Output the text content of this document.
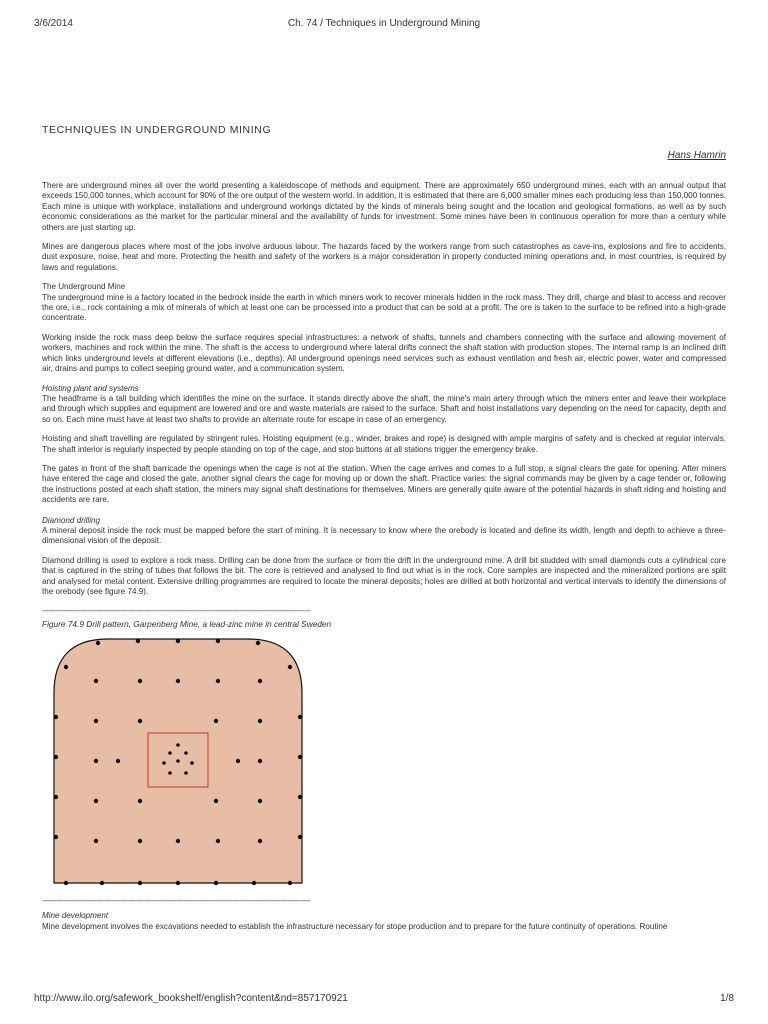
3/6/2014	Ch. 74 / Techniques in Underground Mining
TECHNIQUES IN UNDERGROUND MINING
Hans Hamrin

There are underground mines all over the world presenting a kaleidoscope of methods and equipment. There are approximately 650 underground mines, each with an annual output that exceeds 150,000 tonnes, which account for 90% of the ore output of the western world. In addition, it is estimated that there are 6,000 smaller mines each producing less than 150,000 tonnes. Each mine is unique with workplace, installations and underground workings dictated by the kinds of minerals being sought and the location and geological formations, as well as by such economic considerations as the market for the particular mineral and the availability of funds for investment. Some mines have been in continuous operation for more than a century while others are just starting up.

Mines are dangerous places where most of the jobs involve arduous labour. The hazards faced by the workers range from such catastrophes as cave-ins, explosions and fire to accidents, dust exposure, noise, heat and more. Protecting the health and safety of the workers is a major consideration in properly conducted mining operations and, in most countries, is required by laws and regulations.

The Underground Mine

The underground mine is a factory located in the bedrock inside the earth in which miners work to recover minerals hidden in the rock mass. They drill, charge and blast to access and recover the ore, i.e., rock containing a mix of minerals of which at least one can be processed into a product that can be sold at a profit. The ore is taken to the surface to be refined into a high-grade concentrate.

Working inside the rock mass deep below the surface requires special infrastructures: a network of shafts, tunnels and chambers connecting with the surface and allowing movement of workers, machines and rock within the mine. The shaft is the access to underground where lateral drifts connect the shaft station with production stopes. The internal ramp is an inclined drift which links underground levels at different elevations (i.e., depths). All underground openings need services such as exhaust ventilation and fresh air, electric power, water and compressed air, drains and pumps to collect seeping ground water, and a communication system.

Hoisting plant and systems

The headframe is a tall building which identifies the mine on the surface. It stands directly above the shaft, the mine's main artery through which the miners enter and leave their workplace and through which supplies and equipment are lowered and ore and waste materials are raised to the surface. Shaft and hoist installations vary depending on the need for capacity, depth and so on. Each mine must have at least two shafts to provide an alternate route for escape in case of an emergency.

Hoisting and shaft travelling are regulated by stringent rules. Hoisting equipment (e.g., winder, brakes and rope) is designed with ample margins of safety and is checked at regular intervals. The shaft interior is regularly inspected by people standing on top of the cage, and stop buttons at all stations trigger the emergency brake.

The gates in front of the shaft barricade the openings when the cage is not at the station. When the cage arrives and comes to a full stop, a signal clears the gate for opening. After miners have entered the cage and closed the gate, another signal clears the cage for moving up or down the shaft. Practice varies: the signal commands may be given by a cage tender or, following the instructions posted at each shaft station, the miners may signal shaft destinations for themselves. Miners are generally quite aware of the potential hazards in shaft riding and hoisting and accidents are rare.

Diamond drilling

A mineral deposit inside the rock must be mapped before the start of mining. It is necessary to know where the orebody is located and define its width, length and depth to achieve a three-dimensional vision of the deposit.

Diamond drilling is used to explore a rock mass. Drilling can be done from the surface or from the drift in the underground mine. A drill bit studded with small diamonds cuts a cylindrical core that is captured in the string of tubes that follows the bit. The core is retrieved and analysed to find out what is in the rock. Core samples are inspected and the mineralized portions are split and analysed for metal content. Extensive drilling programmes are required to locate the mineral deposits; holes are drilled at both horizontal and vertical intervals to identify the dimensions of the orebody (see figure 74.9).

----------------------------------------------------------------------------------------------------------------------------
Figure 74.9 Drill pattern, Garpenberg Mine, a lead-zinc mine in central Sweden
----------------------------------------------------------------------------------------------------------------------------
Mine development

Mine development involves the excavations needed to establish the infrastructure necessary for stope production and to prepare for the future continuity of operations. Routine

http://www.ilo.org/safework_bookshelf/english?content&nd=857170921	1/8
